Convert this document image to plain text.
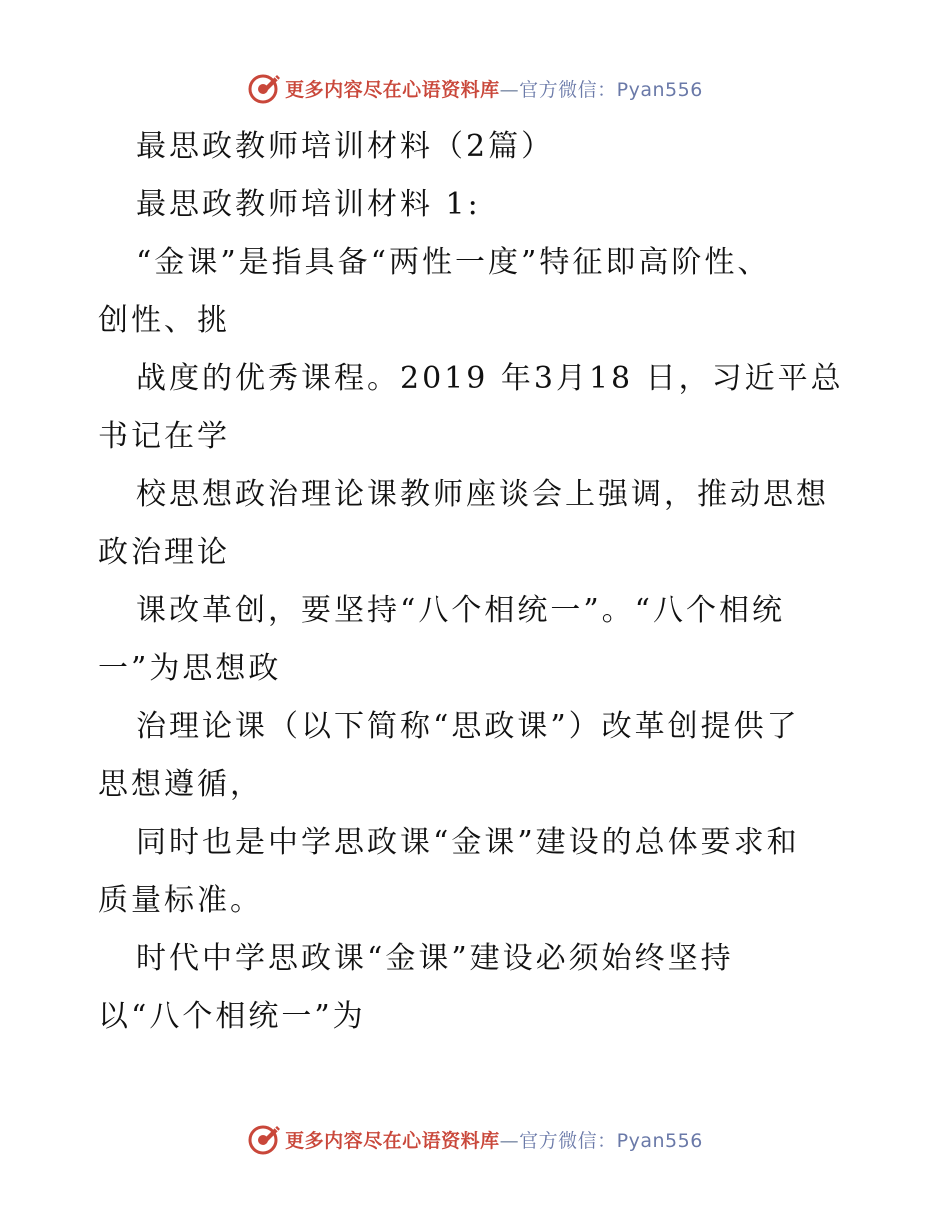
更多内容尽在心语资料库—官方微信：Pyan556
最思政教师培训材料（2篇）
最思政教师培训材料 1:
“金课”是指具备“两性一度”特征即高阶性、
创性、挑
战度的优秀课程。2019 年3月18 日，习近平总
书记在学
校思想政治理论课教师座谈会上强调，推动思想
政治理论
课改革创，要坚持“八个相统一”。“八个相统
一”为思想政
治理论课（以下简称“思政课”）改革创提供了
思想遵循，
同时也是中学思政课“金课”建设的总体要求和
质量标准。
时代中学思政课“金课”建设必须始终坚持
以“八个相统一”为
更多内容尽在心语资料库—官方微信：Pyan556
